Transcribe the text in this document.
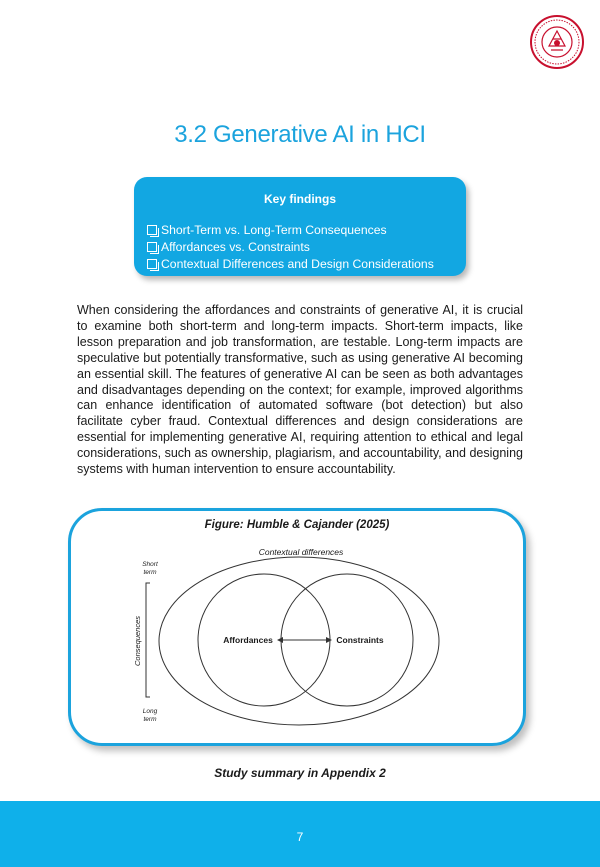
3.2 Generative AI in HCI
Key findings
Short-Term vs. Long-Term Consequences
Affordances vs. Constraints
Contextual Differences and Design Considerations

When considering the affordances and constraints of generative AI, it is crucial to examine both short-term and long-term impacts. Short-term impacts, like lesson preparation and job transformation, are testable. Long-term impacts are speculative but potentially transformative, such as using generative AI becoming an essential skill. The features of generative AI can be seen as both advantages and disadvantages depending on the context; for example, improved algorithms can enhance identification of automated software (bot detection) but also facilitate cyber fraud. Contextual differences and design considerations are essential for implementing generative AI, requiring attention to ethical and legal considerations, such as ownership, plagiarism, and accountability, and designing systems with human intervention to ensure accountability.

Figure: Humble & Cajander (2025)
Contextual differences
Affordances	Constraints
Consequences
Short
term
Long
term
Study summary in Appendix 2
7
